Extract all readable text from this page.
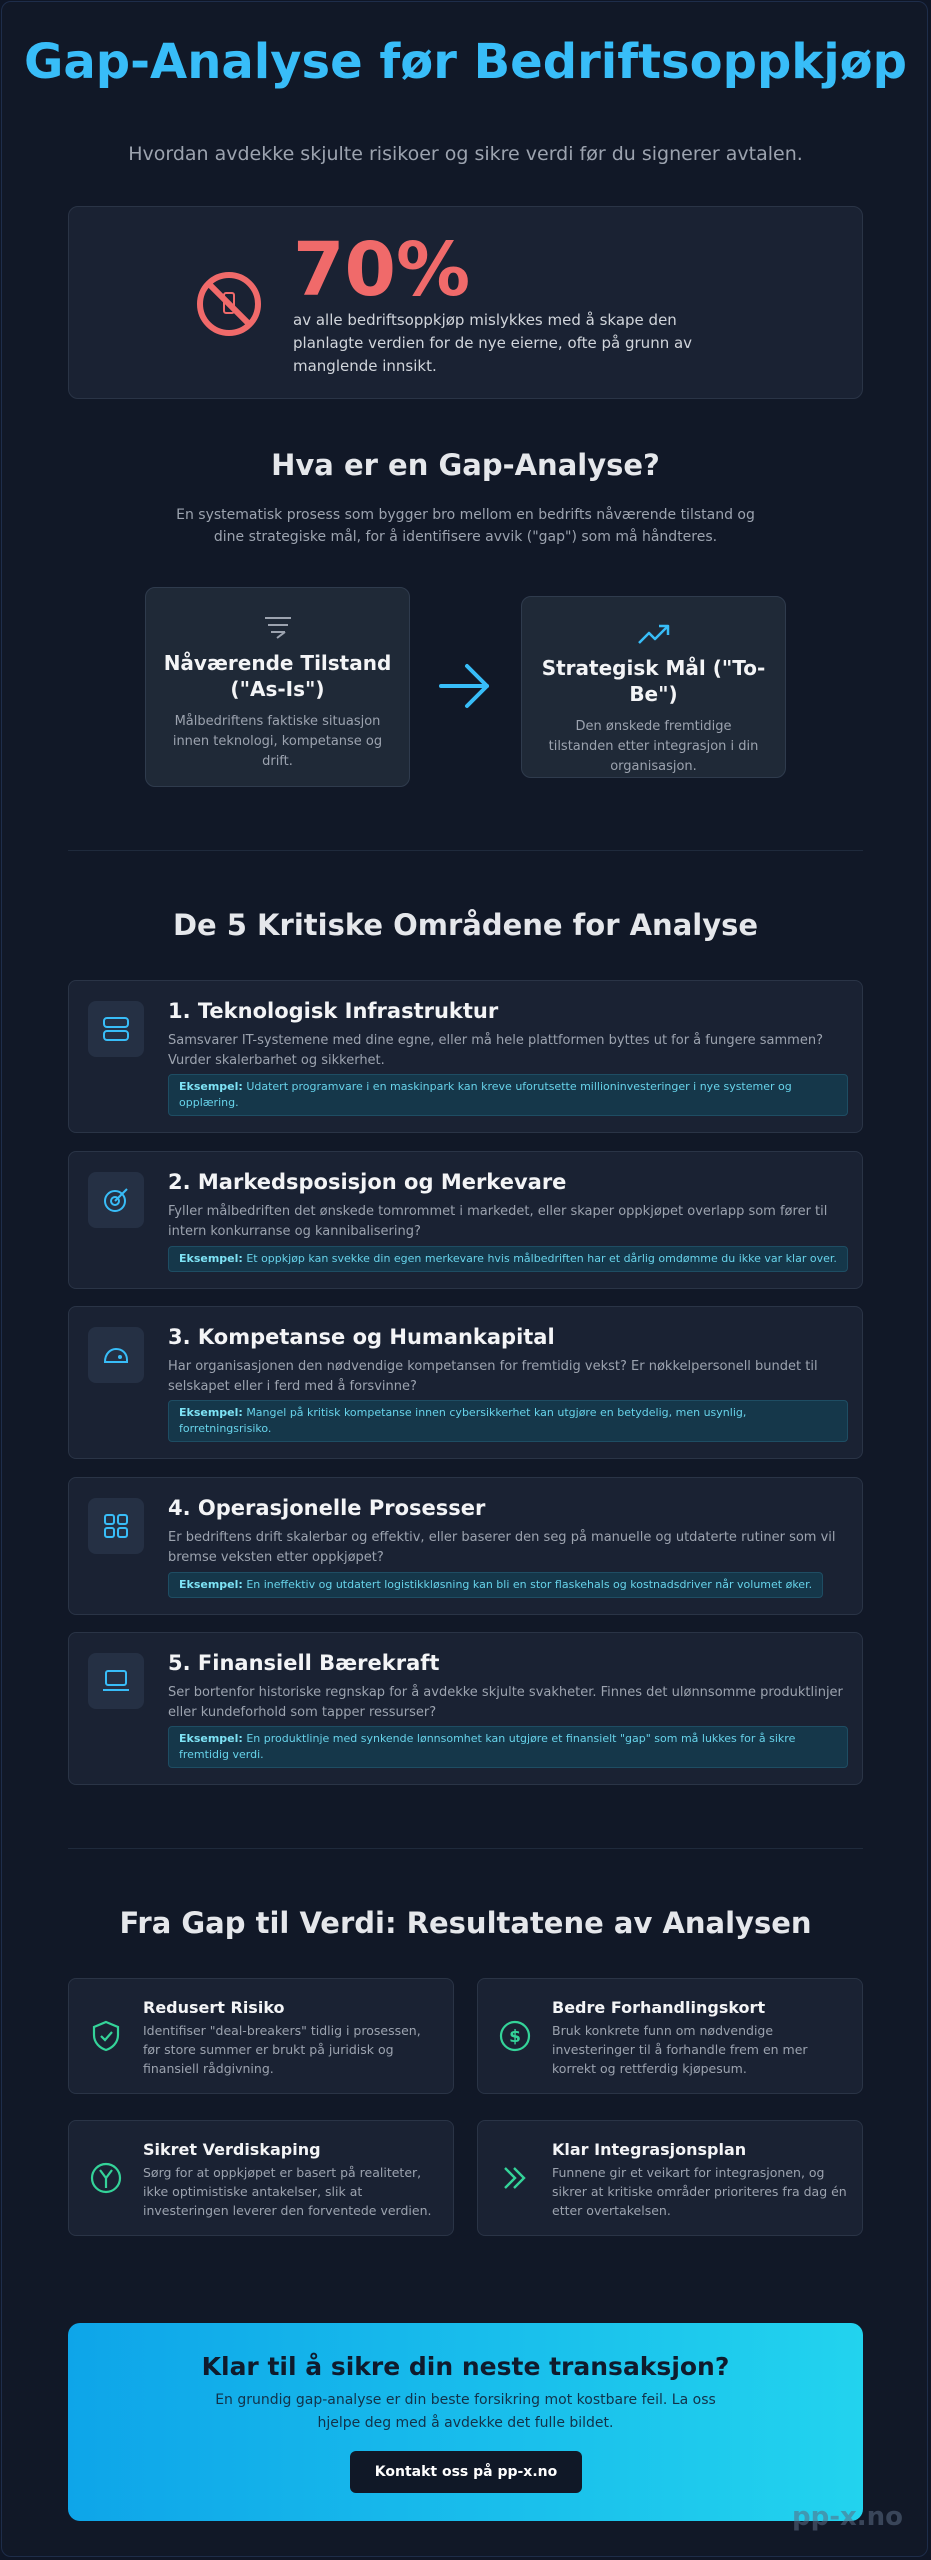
Gap-Analyse før Bedriftsoppkjøp
Hvordan avdekke skjulte risikoer og sikre verdi før du signerer avtalen.
70%
av alle bedriftsoppkjøp mislykkes med å skape den planlagte verdien for de nye eierne, ofte på grunn av manglende innsikt.
Hva er en Gap-Analyse?
En systematisk prosess som bygger bro mellom en bedrifts nåværende tilstand og dine strategiske mål, for å identifisere avvik ("gap") som må håndteres.
Nåværende Tilstand ("As-Is")
Målbedriftens faktiske situasjon innen teknologi, kompetanse og drift.
Strategisk Mål ("To-Be")
Den ønskede fremtidige tilstanden etter integrasjon i din organisasjon.
De 5 Kritiske Områdene for Analyse
1. Teknologisk Infrastruktur
Samsvarer IT-systemene med dine egne, eller må hele plattformen byttes ut for å fungere sammen? Vurder skalerbarhet og sikkerhet.
Eksempel: Udatert programvare i en maskinpark kan kreve uforutsette millioninvesteringer i nye systemer og opplæring.
2. Markedsposisjon og Merkevare
Fyller målbedriften det ønskede tomrommet i markedet, eller skaper oppkjøpet overlapp som fører til intern konkurranse og kannibalisering?
Eksempel: Et oppkjøp kan svekke din egen merkevare hvis målbedriften har et dårlig omdømme du ikke var klar over.
3. Kompetanse og Humankapital
Har organisasjonen den nødvendige kompetansen for fremtidig vekst? Er nøkkelpersonell bundet til selskapet eller i ferd med å forsvinne?
Eksempel: Mangel på kritisk kompetanse innen cybersikkerhet kan utgjøre en betydelig, men usynlig, forretningsrisiko.
4. Operasjonelle Prosesser
Er bedriftens drift skalerbar og effektiv, eller baserer den seg på manuelle og utdaterte rutiner som vil bremse veksten etter oppkjøpet?
Eksempel: En ineffektiv og utdatert logistikkløsning kan bli en stor flaskehals og kostnadsdriver når volumet øker.
5. Finansiell Bærekraft
Ser bortenfor historiske regnskap for å avdekke skjulte svakheter. Finnes det ulønnsomme produktlinjer eller kundeforhold som tapper ressurser?
Eksempel: En produktlinje med synkende lønnsomhet kan utgjøre et finansielt "gap" som må lukkes for å sikre fremtidig verdi.
Fra Gap til Verdi: Resultatene av Analysen
Redusert Risiko
Identifiser "deal-breakers" tidlig i prosessen, før store summer er brukt på juridisk og finansiell rådgivning.
$
Bedre Forhandlingskort
Bruk konkrete funn om nødvendige investeringer til å forhandle frem en mer korrekt og rettferdig kjøpesum.
Sikret Verdiskaping
Sørg for at oppkjøpet er basert på realiteter, ikke optimistiske antakelser, slik at investeringen leverer den forventede verdien.
Klar Integrasjonsplan
Funnene gir et veikart for integrasjonen, og sikrer at kritiske områder prioriteres fra dag én etter overtakelsen.
Klar til å sikre din neste transaksjon?
En grundig gap-analyse er din beste forsikring mot kostbare feil. La oss hjelpe deg med å avdekke det fulle bildet.
Kontakt oss på pp-x.no
pp-x.no
